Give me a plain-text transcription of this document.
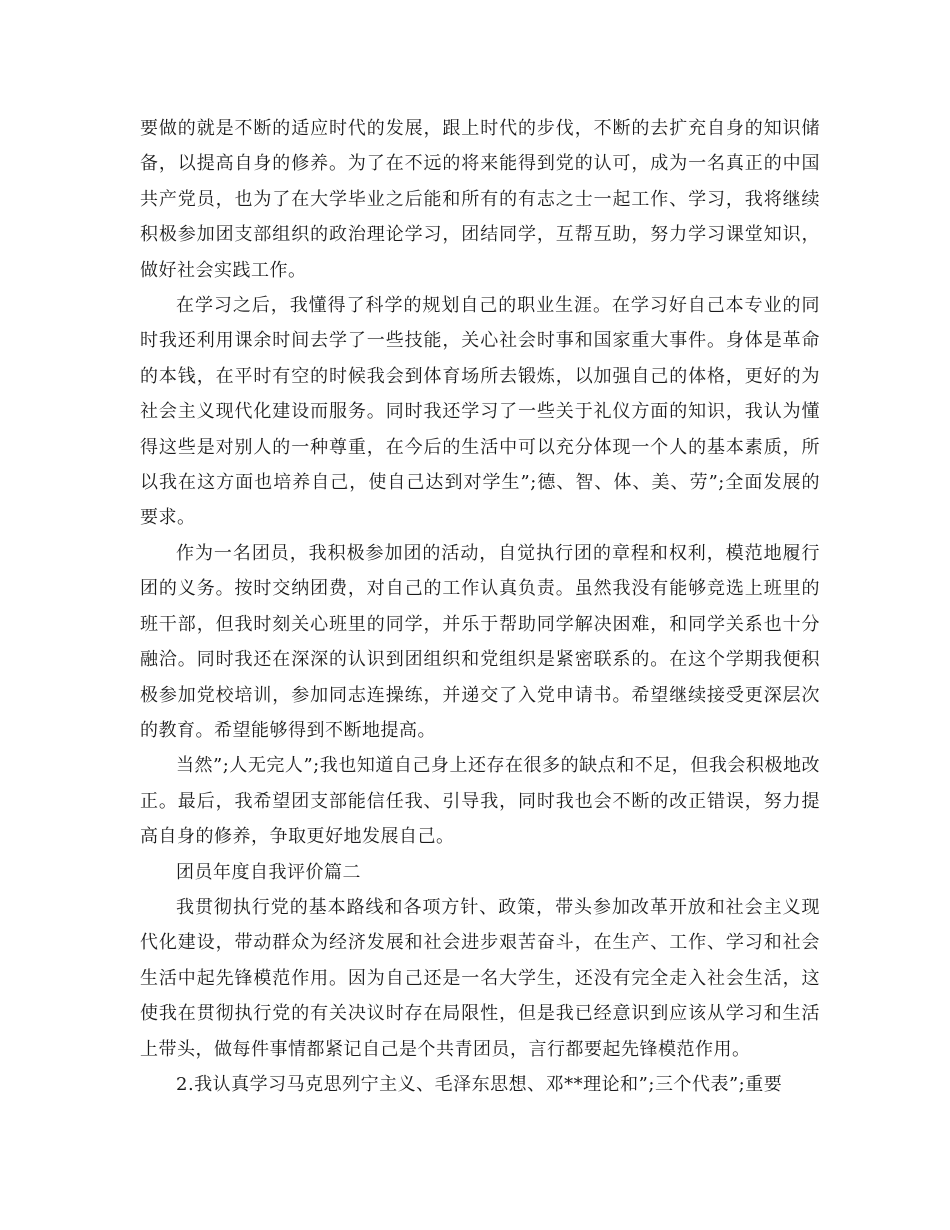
要做的就是不断的适应时代的发展，跟上时代的步伐，不断的去扩充自身的知识储备，以提高自身的修养。为了在不远的将来能得到党的认可，成为一名真正的中国共产党员，也为了在大学毕业之后能和所有的有志之士一起工作、学习，我将继续积极参加团支部组织的政治理论学习，团结同学，互帮互助，努力学习课堂知识，做好社会实践工作。

在学习之后，我懂得了科学的规划自己的职业生涯。在学习好自己本专业的同时我还利用课余时间去学了一些技能，关心社会时事和国家重大事件。身体是革命的本钱，在平时有空的时候我会到体育场所去锻炼，以加强自己的体格，更好的为社会主义现代化建设而服务。同时我还学习了一些关于礼仪方面的知识，我认为懂得这些是对别人的一种尊重，在今后的生活中可以充分体现一个人的基本素质，所以我在这方面也培养自己，使自己达到对学生”;德、智、体、美、劳”;全面发展的要求。

作为一名团员，我积极参加团的活动，自觉执行团的章程和权利，模范地履行团的义务。按时交纳团费，对自己的工作认真负责。虽然我没有能够竞选上班里的班干部，但我时刻关心班里的同学，并乐于帮助同学解决困难，和同学关系也十分融洽。同时我还在深深的认识到团组织和党组织是紧密联系的。在这个学期我便积极参加党校培训，参加同志连操练，并递交了入党申请书。希望继续接受更深层次的教育。希望能够得到不断地提高。

当然”;人无完人”;我也知道自己身上还存在很多的缺点和不足，但我会积极地改正。最后，我希望团支部能信任我、引导我，同时我也会不断的改正错误，努力提高自身的修养，争取更好地发展自己。

团员年度自我评价篇二

我贯彻执行党的基本路线和各项方针、政策，带头参加改革开放和社会主义现代化建设，带动群众为经济发展和社会进步艰苦奋斗，在生产、工作、学习和社会生活中起先锋模范作用。因为自己还是一名大学生，还没有完全走入社会生活，这使我在贯彻执行党的有关决议时存在局限性，但是我已经意识到应该从学习和生活上带头，做每件事情都紧记自己是个共青团员，言行都要起先锋模范作用。

2.我认真学习马克思列宁主义、毛泽东思想、邓**理论和”;三个代表”;重要
